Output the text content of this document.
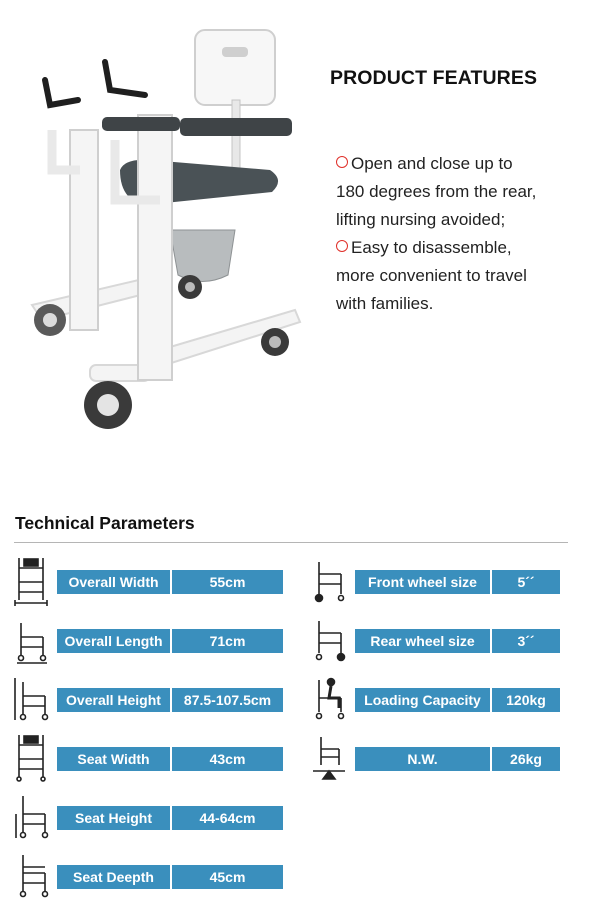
PRODUCT FEATURES
Open and close up to
180 degrees from the rear,
lifting nursing avoided;
Easy to disassemble,
more convenient to travel
with families.
Technical Parameters
Overall Width	55cm
Overall Length	71cm
Overall Height	87.5-107.5cm
Seat Width	43cm
Seat Height	44-64cm
Seat Deepth	45cm
Front wheel size	5´´
Rear wheel size	3´´
Loading Capacity	120kg
N.W.	26kg
